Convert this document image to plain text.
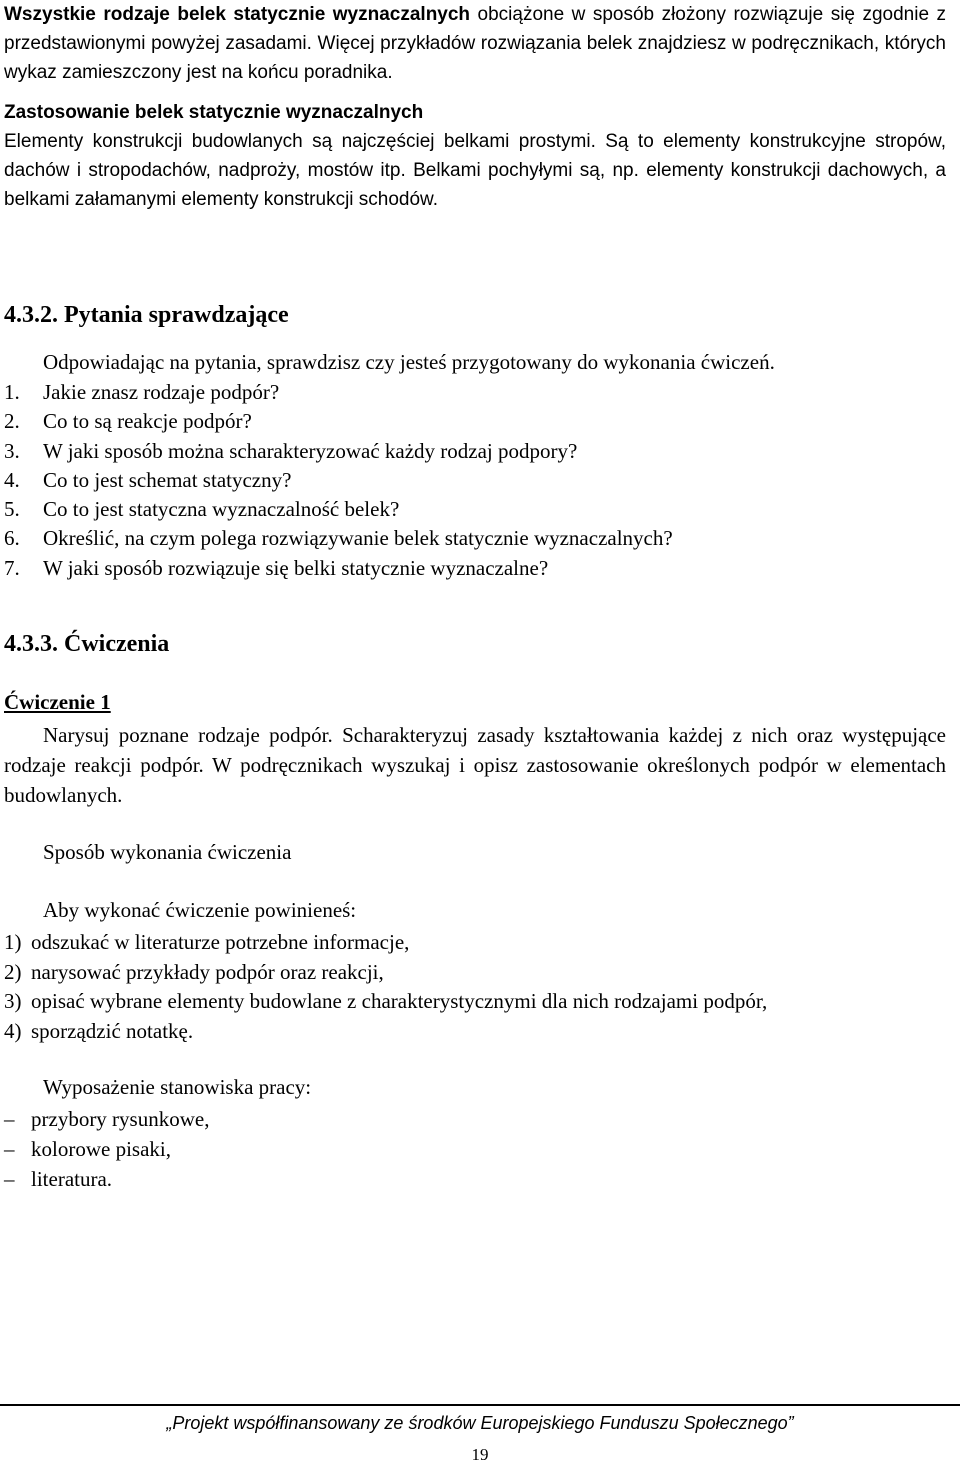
Wszystkie rodzaje belek statycznie wyznaczalnych obciążone w sposób złożony rozwiązuje się zgodnie z przedstawionymi powyżej zasadami. Więcej przykładów rozwiązania belek znajdziesz w podręcznikach, których wykaz zamieszczony jest na końcu poradnika.

Zastosowanie belek statycznie wyznaczalnych

Elementy konstrukcji budowlanych są najczęściej belkami prostymi. Są to elementy konstrukcyjne stropów, dachów i stropodachów, nadproży, mostów itp. Belkami pochyłymi są, np. elementy konstrukcji dachowych, a belkami załamanymi elementy konstrukcji schodów.

4.3.2. Pytania sprawdzające

Odpowiadając na pytania, sprawdzisz czy jesteś przygotowany do wykonania ćwiczeń.

1. Jakie znasz rodzaje podpór?
2. Co to są reakcje podpór?
3. W jaki sposób można scharakteryzować każdy rodzaj podpory?
4. Co to jest schemat statyczny?
5. Co to jest statyczna wyznaczalność belek?
6. Określić, na czym polega rozwiązywanie belek statycznie wyznaczalnych?
7. W jaki sposób rozwiązuje się belki statycznie wyznaczalne?
4.3.3. Ćwiczenia
Ćwiczenie 1

Narysuj poznane rodzaje podpór. Scharakteryzuj zasady kształtowania każdej z nich oraz występujące rodzaje reakcji podpór. W podręcznikach wyszukaj i opisz zastosowanie określonych podpór w elementach budowlanych.

Sposób wykonania ćwiczenia

Aby wykonać ćwiczenie powinieneś:

1) odszukać w literaturze potrzebne informacje,
2) narysować przykłady podpór oraz reakcji,
3) opisać wybrane elementy budowlane z charakterystycznymi dla nich rodzajami podpór,
4) sporządzić notatkę.

Wyposażenie stanowiska pracy:

– przybory rysunkowe,
– kolorowe pisaki,
– literatura.
„Projekt współfinansowany ze środków Europejskiego Funduszu Społecznego”
19
